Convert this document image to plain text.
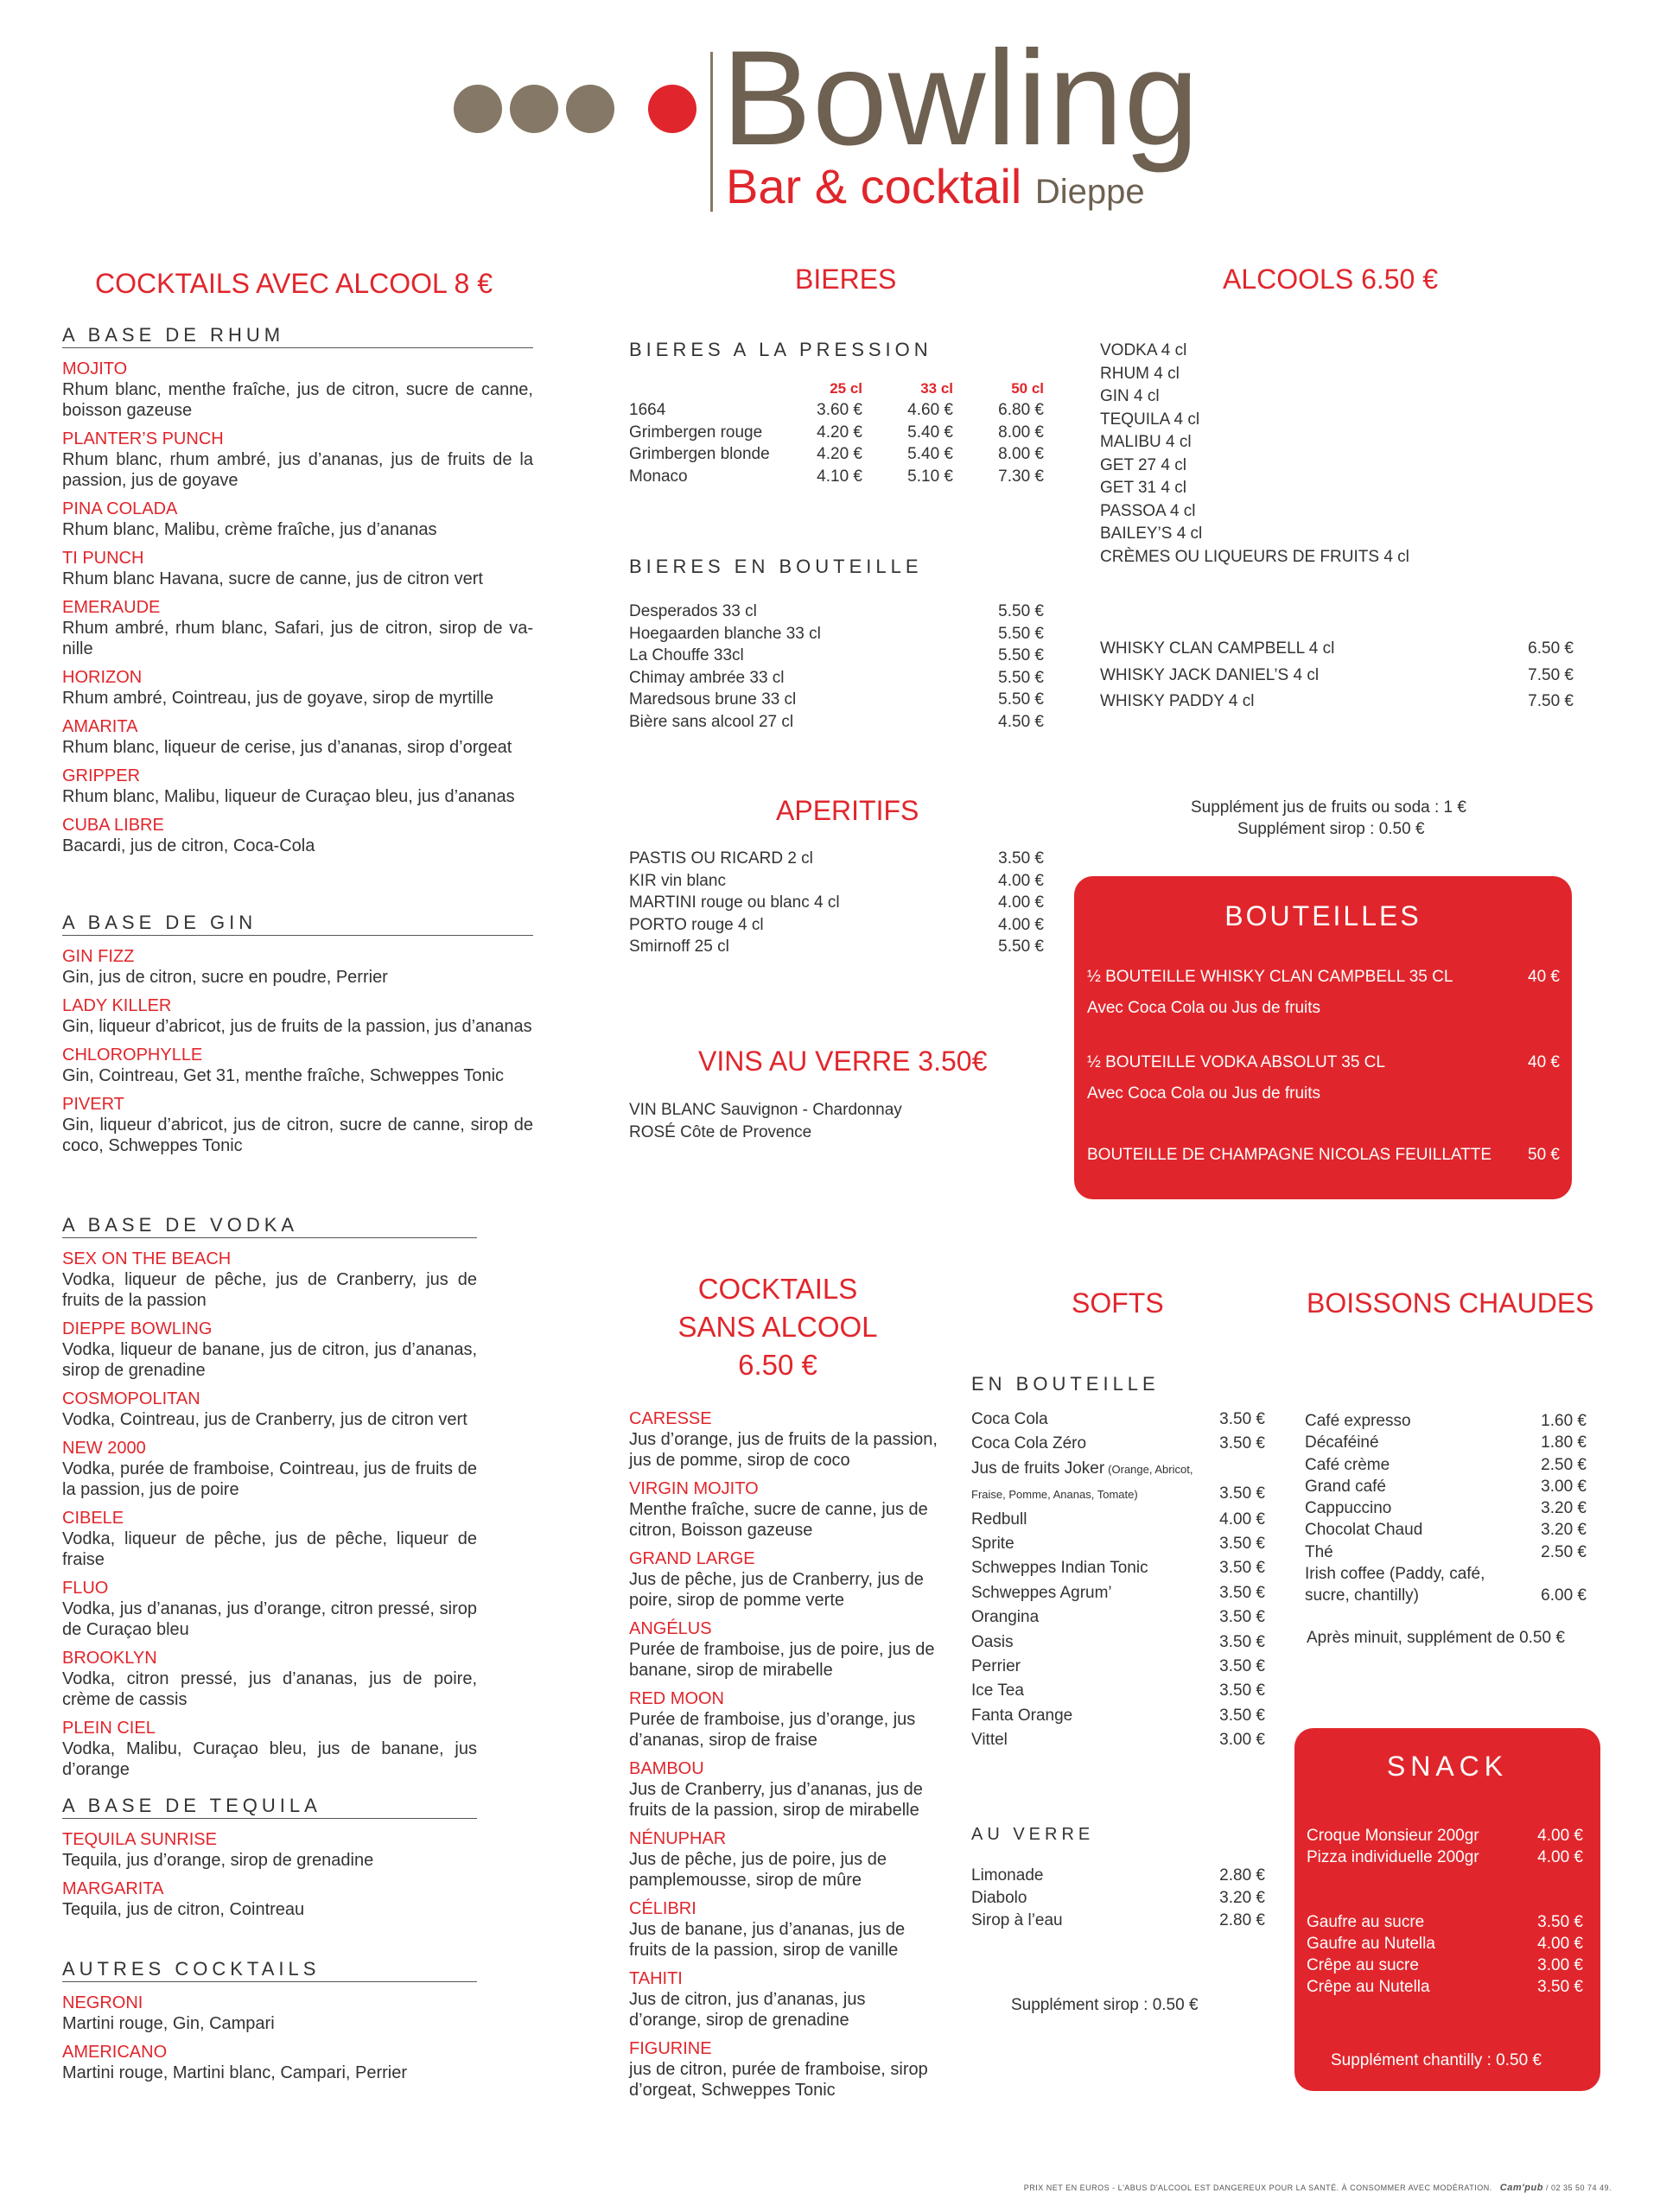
Bowling
Bar & cocktail Dieppe
COCKTAILS AVEC ALCOOL 8 €
A BASE DE RHUM
MOJITO
Rhum blanc, menthe fraîche, jus de citron, sucre de canne, boisson gazeuse
PLANTER’S PUNCH
Rhum blanc, rhum ambré, jus d’ananas, jus de fruits de la passion, jus de goyave
PINA COLADA
Rhum blanc, Malibu, crème fraîche, jus d’ananas
TI PUNCH
Rhum blanc Havana, sucre de canne, jus de citron vert
EMERAUDE
Rhum ambré, rhum blanc, Safari, jus de citron, sirop de va-nille
HORIZON
Rhum ambré, Cointreau, jus de goyave, sirop de myrtille
AMARITA
Rhum blanc, liqueur de cerise, jus d’ananas, sirop d’orgeat
GRIPPER
Rhum blanc, Malibu, liqueur de Curaçao bleu, jus d’ananas
CUBA LIBRE
Bacardi, jus de citron, Coca-Cola
A BASE DE GIN
GIN FIZZ
Gin, jus de citron, sucre en poudre, Perrier
LADY KILLER
Gin, liqueur d’abricot, jus de fruits de la passion, jus d’ananas
CHLOROPHYLLE
Gin, Cointreau, Get 31, menthe fraîche, Schweppes Tonic
PIVERT
Gin, liqueur d’abricot, jus de citron, sucre de canne, sirop de coco, Schweppes Tonic
A BASE DE VODKA
SEX ON THE BEACH
Vodka, liqueur de pêche, jus de Cranberry, jus de fruits de la passion
DIEPPE BOWLING
Vodka, liqueur de banane, jus de citron, jus d’ananas, sirop de grenadine
COSMOPOLITAN
Vodka, Cointreau, jus de Cranberry, jus de citron vert
NEW 2000
Vodka, purée de framboise, Cointreau, jus de fruits de la passion, jus de poire
CIBELE
Vodka, liqueur de pêche, jus de pêche, liqueur de fraise
FLUO
Vodka, jus d’ananas, jus d’orange, citron pressé, sirop de Curaçao bleu
BROOKLYN
Vodka, citron pressé, jus d’ananas, jus de poire, crème de cassis
PLEIN CIEL
Vodka, Malibu, Curaçao bleu, jus de banane, jus d’orange
A BASE DE TEQUILA
TEQUILA SUNRISE
Tequila, jus d’orange, sirop de grenadine
MARGARITA
Tequila, jus de citron, Cointreau
AUTRES COCKTAILS
NEGRONI
Martini rouge, Gin, Campari
AMERICANO
Martini rouge, Martini blanc, Campari, Perrier
BIERES
BIERES A LA PRESSION
25 cl	33 cl	50 cl
1664	3.60 €	4.60 €	6.80 €
Grimbergen rouge	4.20 €	5.40 €	8.00 €
Grimbergen blonde	4.20 €	5.40 €	8.00 €
Monaco	4.10 €	5.10 €	7.30 €
BIERES EN BOUTEILLE
Desperados 33 cl	5.50 €
Hoegaarden blanche 33 cl	5.50 €
La Chouffe 33cl	5.50 €
Chimay ambrée 33 cl	5.50 €
Maredsous brune 33 cl	5.50 €
Bière sans alcool 27 cl	4.50 €
APERITIFS
PASTIS OU RICARD 2 cl	3.50 €
KIR vin blanc	4.00 €
MARTINI rouge ou blanc 4 cl	4.00 €
PORTO rouge 4 cl	4.00 €
Smirnoff 25 cl	5.50 €
VINS AU VERRE 3.50€
VIN BLANC Sauvignon - Chardonnay
ROSÉ Côte de Provence
ALCOOLS 6.50 €
VODKA 4 cl
RHUM 4 cl
GIN 4 cl
TEQUILA 4 cl
MALIBU 4 cl
GET 27 4 cl
GET 31 4 cl
PASSOA 4 cl
BAILEY’S 4 cl
CRÈMES OU LIQUEURS DE FRUITS 4 cl
WHISKY CLAN CAMPBELL 4 cl	6.50 €
WHISKY JACK DANIEL’S 4 cl	7.50 €
WHISKY PADDY 4 cl	7.50 €
Supplément jus de fruits ou soda : 1 €
Supplément sirop : 0.50 €
BOUTEILLES
½ BOUTEILLE WHISKY CLAN CAMPBELL 35 CL	40 €
Avec Coca Cola ou Jus de fruits
½ BOUTEILLE VODKA ABSOLUT 35 CL	40 €
Avec Coca Cola ou Jus de fruits
BOUTEILLE DE CHAMPAGNE NICOLAS FEUILLATTE 50 €
COCKTAILS
SANS ALCOOL
6.50 €
CARESSE
Jus d’orange, jus de fruits de la passion, jus de pomme, sirop de coco
VIRGIN MOJITO
Menthe fraîche, sucre de canne, jus de citron, Boisson gazeuse
GRAND LARGE
Jus de pêche, jus de Cranberry, jus de poire, sirop de pomme verte
ANGÉLUS
Purée de framboise, jus de poire, jus de banane, sirop de mirabelle
RED MOON
Purée de framboise, jus d’orange, jus d’ananas, sirop de fraise
BAMBOU
Jus de Cranberry, jus d’ananas, jus de fruits de la passion, sirop de mirabelle
NÉNUPHAR
Jus de pêche, jus de poire, jus de pamplemousse, sirop de mûre
CÉLIBRI
Jus de banane, jus d’ananas, jus de fruits de la passion, sirop de vanille
TAHITI
Jus de citron, jus d’ananas, jus d’orange, sirop de grenadine
FIGURINE
jus de citron, purée de framboise, sirop d’orgeat, Schweppes Tonic
SOFTS
EN BOUTEILLE
Coca Cola	3.50 €
Coca Cola Zéro	3.50 €
Jus de fruits Joker (Orange, Abricot,
Fraise, Pomme, Ananas, Tomate)	3.50 €
Redbull	4.00 €
Sprite	3.50 €
Schweppes Indian Tonic	3.50 €
Schweppes Agrum’	3.50 €
Orangina	3.50 €
Oasis	3.50 €
Perrier	3.50 €
Ice Tea	3.50 €
Fanta Orange	3.50 €
Vittel	3.00 €
AU VERRE
Limonade	2.80 €
Diabolo	3.20 €
Sirop à l’eau	2.80 €
Supplément sirop : 0.50 €
BOISSONS CHAUDES
Café expresso	1.60 €
Décaféiné	1.80 €
Café crème	2.50 €
Grand café	3.00 €
Cappuccino	3.20 €
Chocolat Chaud	3.20 €
Thé	2.50 €
Irish coffee (Paddy, café,
sucre, chantilly)	6.00 €
Après minuit, supplément de 0.50 €
SNACK
Croque Monsieur 200gr	4.00 €
Pizza individuelle 200gr	4.00 €
Gaufre au sucre	3.50 €
Gaufre au Nutella	4.00 €
Crêpe au sucre	3.00 €
Crêpe au Nutella	3.50 €
Supplément chantilly : 0.50 €
PRIX NET EN EUROS - L'ABUS D'ALCOOL EST DANGEREUX POUR LA SANTÉ. À CONSOMMER AVEC MODÉRATION. Cam'pub / 02 35 50 74 49.
